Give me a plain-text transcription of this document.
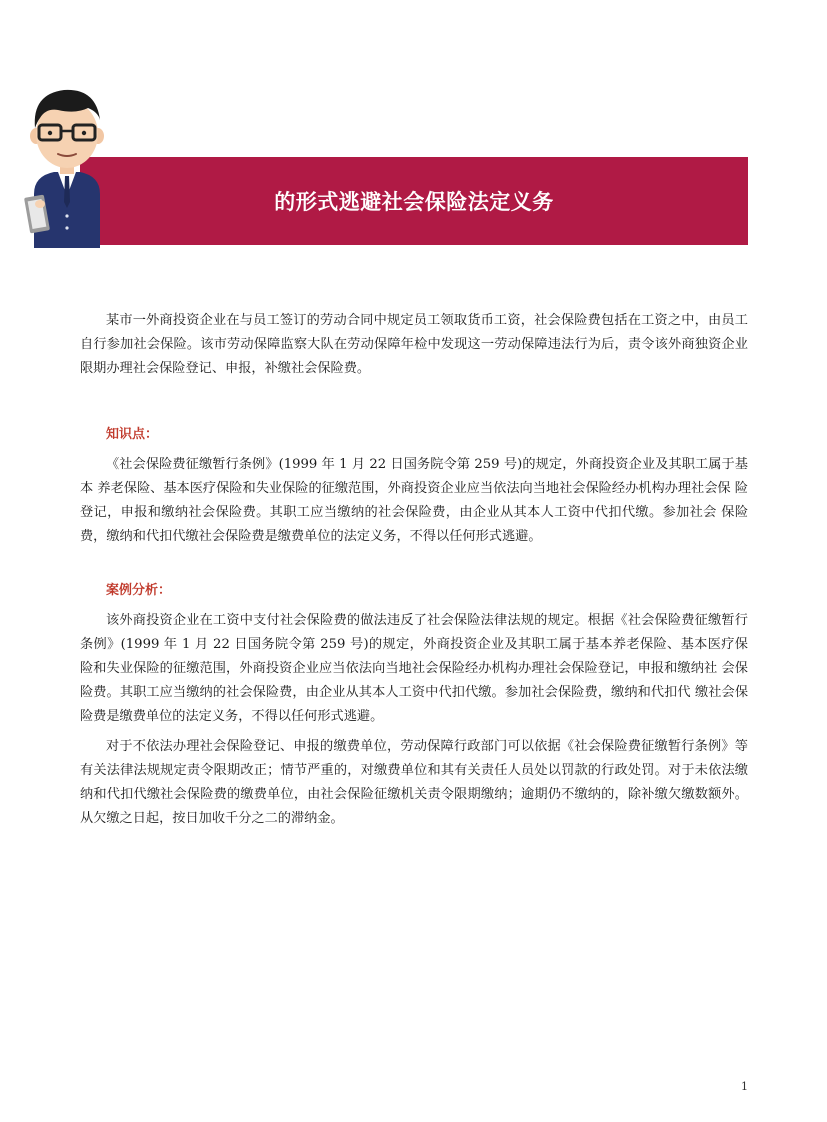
的形式逃避社会保险法定义务

某市一外商投资企业在与员工签订的劳动合同中规定员工领取货币工资，社会保险费包括在工资之中，由员工自行参加社会保险。该市劳动保障监察大队在劳动保障年检中发现这一劳动保障违法行为后，责令该外商独资企业限期办理社会保险登记、申报，补缴社会保险费。

知识点：

《社会保险费征缴暂行条例》(1999 年 1 月 22 日国务院令第 259 号)的规定，外商投资企业及其职工属于基本 养老保险、基本医疗保险和失业保险的征缴范围，外商投资企业应当依法向当地社会保险经办机构办理社会保 险登记，申报和缴纳社会保险费。其职工应当缴纳的社会保险费，由企业从其本人工资中代扣代缴。参加社会 保险费，缴纳和代扣代缴社会保险费是缴费单位的法定义务，不得以任何形式逃避。

案例分析：

该外商投资企业在工资中支付社会保险费的做法违反了社会保险法律法规的规定。根据《社会保险费征缴暂行条例》(1999 年 1 月 22 日国务院令第 259 号)的规定，外商投资企业及其职工属于基本养老保险、基本医疗保 险和失业保险的征缴范围，外商投资企业应当依法向当地社会保险经办机构办理社会保险登记，申报和缴纳社 会保险费。其职工应当缴纳的社会保险费，由企业从其本人工资中代扣代缴。参加社会保险费，缴纳和代扣代 缴社会保险费是缴费单位的法定义务，不得以任何形式逃避。

对于不依法办理社会保险登记、申报的缴费单位，劳动保障行政部门可以依据《社会保险费征缴暂行条例》等有关法律法规规定责令限期改正；情节严重的，对缴费单位和其有关责任人员处以罚款的行政处罚。对于未依法缴纳和代扣代缴社会保险费的缴费单位，由社会保险征缴机关责令限期缴纳；逾期仍不缴纳的，除补缴欠缴数额外。从欠缴之日起，按日加收千分之二的滞纳金。

1
